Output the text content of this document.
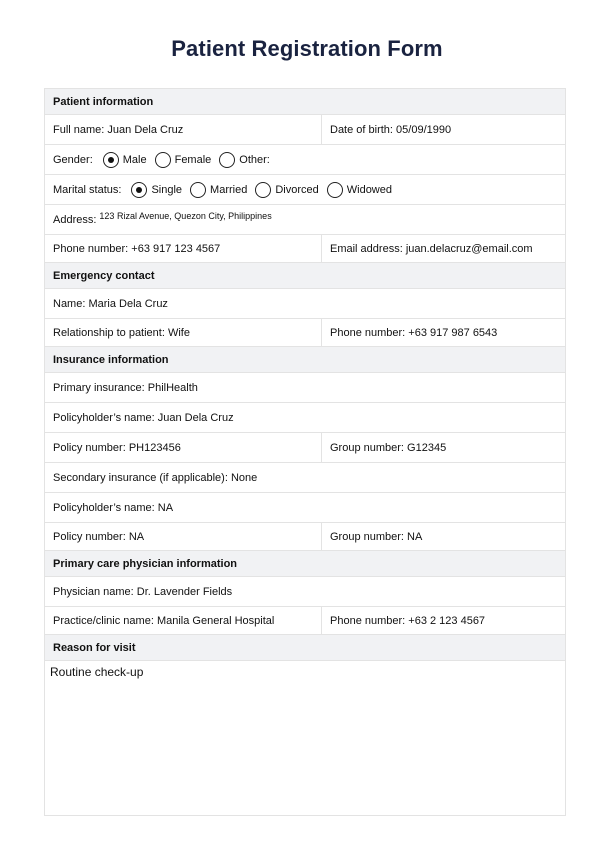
Patient Registration Form
Patient information
Full name:
Juan Dela Cruz	Date of birth:
05/09/1990
Gender:	Male	Female	Other:
Marital status:	Single	Married	Divorced	Widowed
Address: 123 Rizal Avenue, Quezon City, Philippines
Phone number:
+63 917 123 4567	Email address:
juan.delacruz@email.com
Emergency contact
Name:
Maria Dela Cruz
Relationship to patient:
Wife	Phone number:
+63 917 987 6543
Insurance information
Primary insurance:
PhilHealth
Policyholder’s name:
Juan Dela Cruz
Policy number:
PH123456	Group number:
G12345
Secondary insurance (if applicable):
None
Policyholder’s name:
NA
Policy number:
NA	Group number:
NA
Primary care physician information
Physician name:
Dr. Lavender Fields
Practice/clinic name:
Manila General Hospital	Phone number:
+63 2 123 4567
Reason for visit
Routine check-up
